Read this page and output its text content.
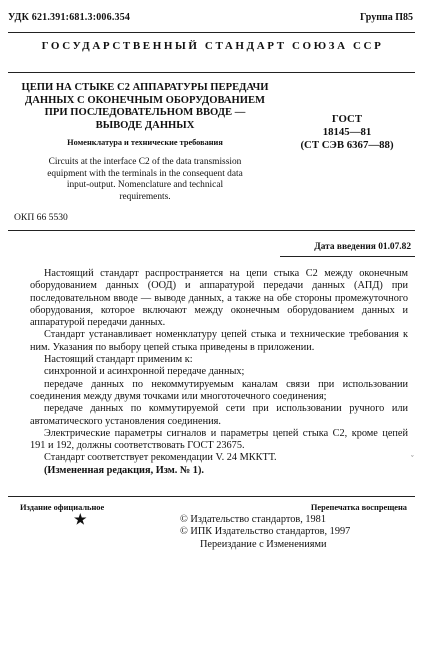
УДК 621.391:681.3:006.354	Группа П85
ГОСУДАРСТВЕННЫЙ СТАНДАРТ СОЮЗА ССР
ЦЕПИ НА СТЫКЕ С2 АППАРАТУРЫ ПЕРЕДАЧИ
ДАННЫХ С ОКОНЕЧНЫМ ОБОРУДОВАНИЕМ
ПРИ ПОСЛЕДОВАТЕЛЬНОМ ВВОДЕ —
ВЫВОДЕ ДАННЫХ
Номенклатура и технические требования
ГОСТ
18145—81
(СТ СЭВ 6367—88)
Circuits at the interface C2 of the data transmission
equipment with the terminals in the consequent data
input-output. Nomenclature and technical
requirements.
ОКП 66 5530
Дата введения 01.07.82

Настоящий стандарт распространяется на цепи стыка С2 между оконечным оборудованием данных (ООД) и аппаратурой передачи данных (АПД) при последовательном вводе — выводе данных, а также на обе стороны промежуточного оборудования, которое включают между оконечным оборудованием данных и аппаратурой передачи данных.

Стандарт устанавливает номенклатуру цепей стыка и технические требования к ним. Указания по выбору цепей стыка приведены в приложении.

Настоящий стандарт применим к:

синхронной и асинхронной передаче данных;

передаче данных по некоммутируемым каналам связи при использовании соединения между двумя точками или многоточечного соединения;

передаче данных по коммутируемой сети при использовании ручного или автоматического установления соединения.

Электрические параметры сигналов и параметры цепей стыка С2, кроме цепей 191 и 192, должны соответствовать ГОСТ 23675.

Стандарт соответствует рекомендации V. 24 МККТТ.

(Измененная редакция, Изм. № 1).

Издание официальное
★
Перепечатка воспрещена
© Издательство стандартов, 1981
© ИПК Издательство стандартов, 1997
Переиздание с Изменениями
ˇ
